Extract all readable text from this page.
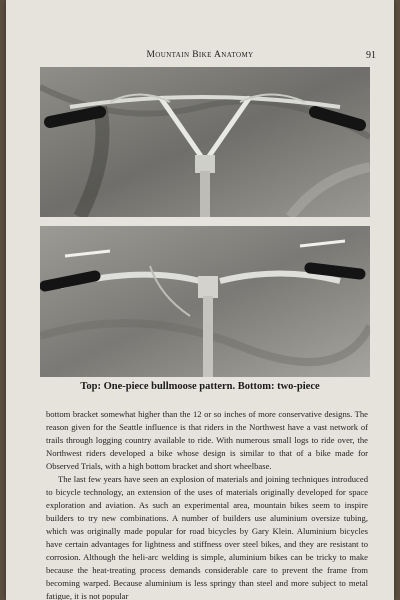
Mountain Bike Anatomy	91
Top: One-piece bullmoose pattern. Bottom: two-piece

bottom bracket somewhat higher than the 12 or so inches of more conservative designs. The reason given for the Seattle influence is that riders in the Northwest have a vast network of trails through logging country available to ride. With numerous small logs to ride over, the Northwest riders developed a bike whose design is similar to that of a bike made for Observed Trials, with a high bottom bracket and short wheelbase.

The last few years have seen an explosion of materials and joining techniques introduced to bicycle technology, an extension of the uses of materials originally developed for space exploration and aviation. As such an experimental area, mountain bikes seem to inspire builders to try new combinations. A number of builders use aluminium oversize tubing, which was originally made popular for road bicycles by Gary Klein. Aluminium bicycles have certain advantages for lightness and stiffness over steel bikes, and they are resistant to corrosion. Although the heli-arc welding is simple, aluminium bikes can be tricky to make because the heat-treating process demands considerable care to prevent the frame from becoming warped. Because aluminium is less springy than steel and more subject to metal fatigue, it is not popular
